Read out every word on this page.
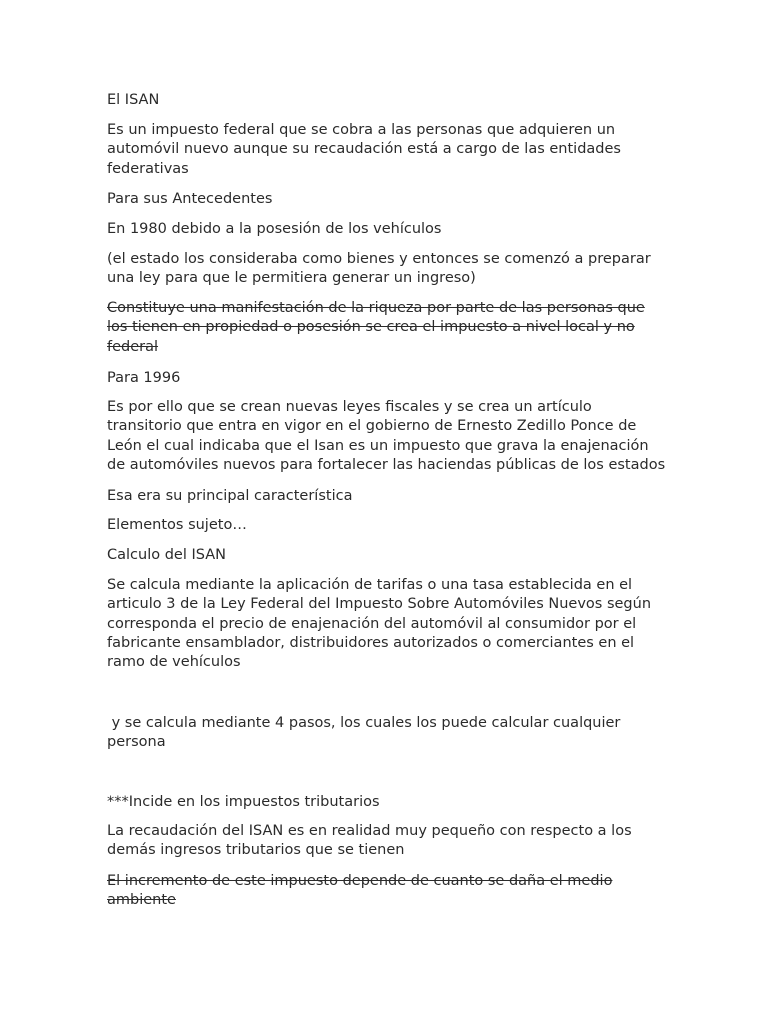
El ISAN

Es un impuesto federal que se cobra a las personas que adquieren un automóvil nuevo aunque su recaudación está a cargo de las entidades federativas

Para sus Antecedentes

En 1980 debido a la posesión de los vehículos

(el estado los consideraba como bienes y entonces se comenzó a preparar una ley para que le permitiera generar un ingreso)

Constituye una manifestación de la riqueza por parte de las personas que los tienen en propiedad o posesión se crea el impuesto a nivel local y no federal

Para 1996

Es por ello que se crean nuevas leyes fiscales y se crea un artículo transitorio que entra en vigor en el gobierno de Ernesto Zedillo Ponce de León el cual indicaba que el Isan es un impuesto que grava la enajenación de automóviles nuevos para fortalecer las haciendas públicas de los estados

Esa era su principal característica

Elementos sujeto…

Calculo del ISAN

Se calcula mediante la aplicación de tarifas o una tasa establecida en el articulo 3 de la Ley Federal del Impuesto Sobre Automóviles Nuevos según corresponda el precio de enajenación del automóvil al consumidor por el fabricante ensamblador, distribuidores autorizados o comerciantes en el ramo de vehículos

y se calcula mediante 4 pasos, los cuales los puede calcular cualquier persona

***Incide en los impuestos tributarios

La recaudación del ISAN es en realidad muy pequeño con respecto a los demás ingresos tributarios que se tienen

El incremento de este impuesto depende de cuanto se daña el medio ambiente
